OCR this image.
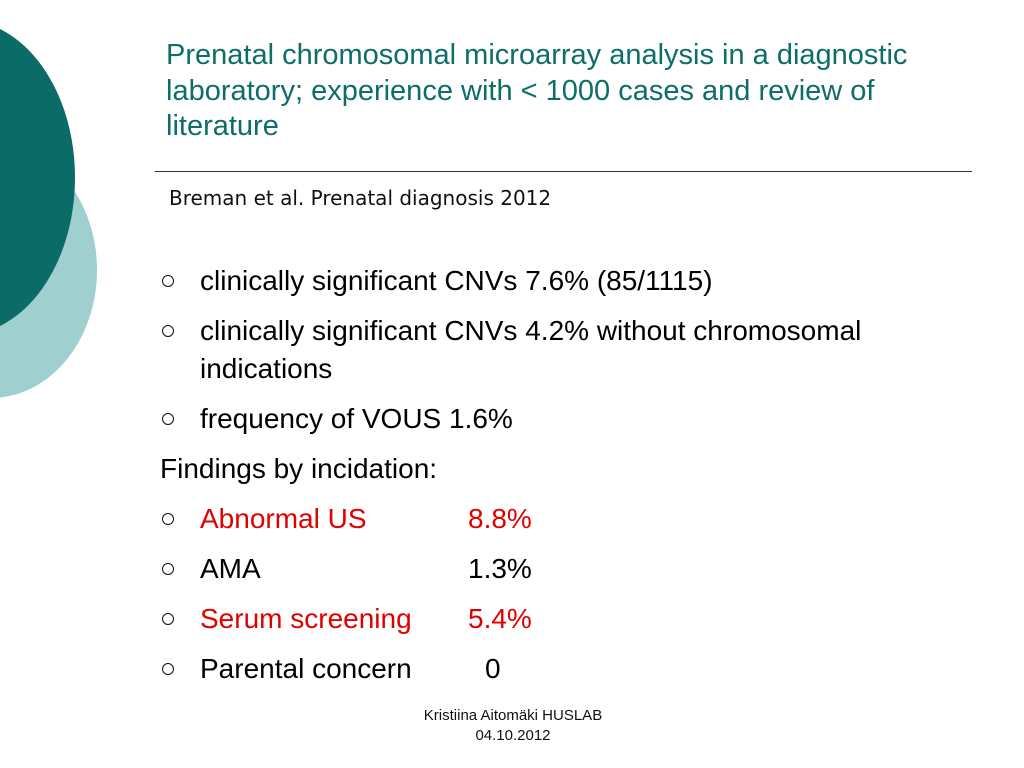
Prenatal chromosomal microarray analysis in a diagnostic laboratory; experience with < 1000 cases and review of literature
Breman et al. Prenatal diagnosis 2012
clinically significant CNVs 7.6% (85/1115)
clinically significant CNVs 4.2% without chromosomal indications
frequency of VOUS 1.6%
Findings by incidation:
Abnormal US	8.8%
AMA	1.3%
Serum screening	5.4%
Parental concern	0
Kristiina Aitomäki HUSLAB
04.10.2012
